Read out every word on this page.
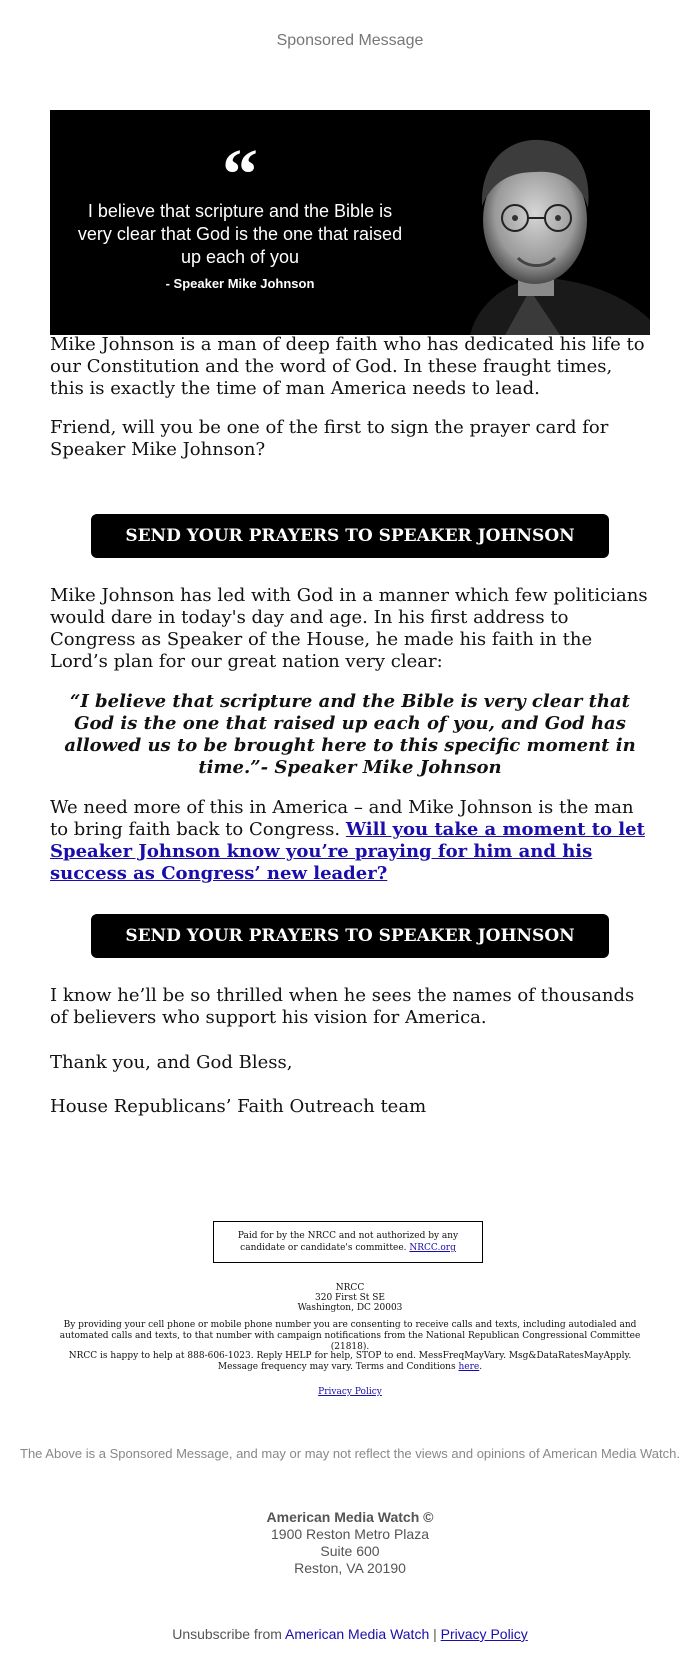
Sponsored Message
“
I believe that scripture and the Bible is very clear that God is the one that raised up each of you
- Speaker Mike Johnson

Mike Johnson is a man of deep faith who has dedicated his life to our Constitution and the word of God. In these fraught times, this is exactly the time of man America needs to lead.

Friend, will you be one of the first to sign the prayer card for Speaker Mike Johnson?

SEND YOUR PRAYERS TO SPEAKER JOHNSON

Mike Johnson has led with God in a manner which few politicians would dare in today's day and age. In his first address to Congress as Speaker of the House, he made his faith in the Lord’s plan for our great nation very clear:

“I believe that scripture and the Bible is very clear that God is the one that raised up each of you, and God has allowed us to be brought here to this specific moment in time.”- Speaker Mike Johnson

We need more of this in America – and Mike Johnson is the man to bring faith back to Congress. Will you take a moment to let Speaker Johnson know you’re praying for him and his success as Congress’ new leader?

SEND YOUR PRAYERS TO SPEAKER JOHNSON

I know he’ll be so thrilled when he sees the names of thousands of believers who support his vision for America.

Thank you, and God Bless,

House Republicans’ Faith Outreach team

Paid for by the NRCC and not authorized by any candidate or candidate's committee. NRCC.org

NRCC

320 First St SE

Washington, DC 20003

By providing your cell phone or mobile phone number you are consenting to receive calls and texts, including autodialed and automated calls and texts, to that number with campaign notifications from the National Republican Congressional Committee (21818).

NRCC is happy to help at 888-606-1023. Reply HELP for help, STOP to end. MessFreqMayVary. Msg&DataRatesMayApply. Message frequency may vary. Terms and Conditions here.

Privacy Policy

The Above is a Sponsored Message, and may or may not reflect the views and opinions of American Media Watch.
American Media Watch ©
1900 Reston Metro Plaza
Suite 600
Reston, VA 20190
Unsubscribe from American Media Watch | Privacy Policy
